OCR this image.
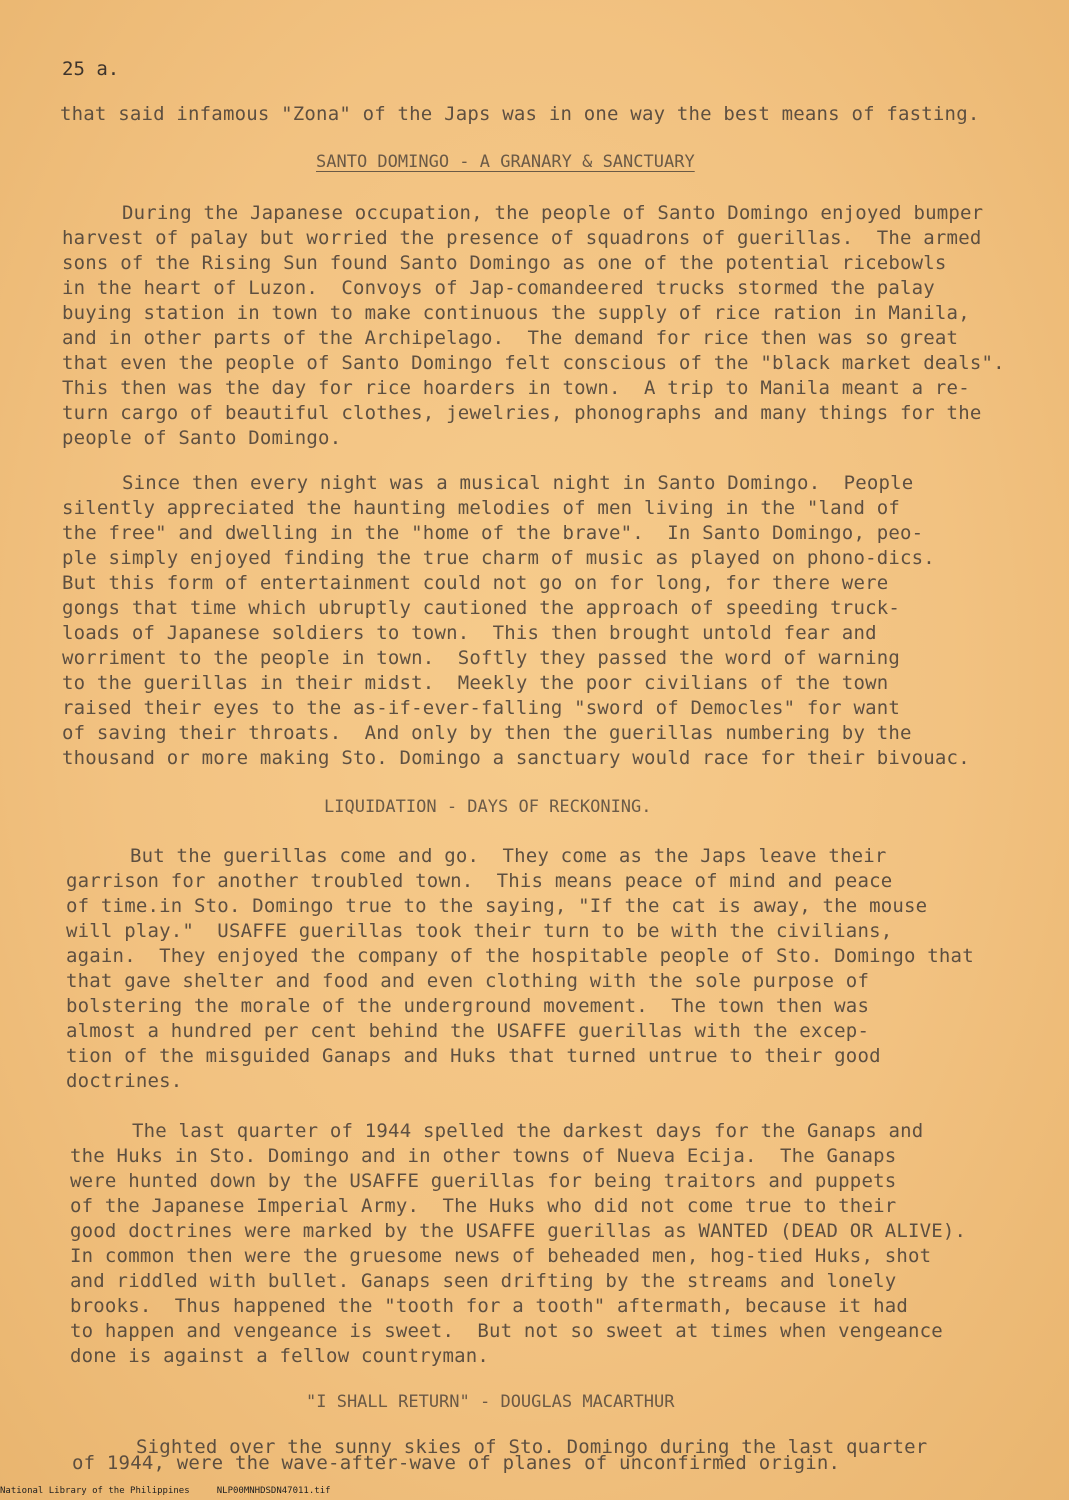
25 a.
that said infamous "Zona" of the Japs was in one way the best means of fasting.
SANTO DOMINGO - A GRANARY & SANCTUARY
During the Japanese occupation, the people of Santo Domingo enjoyed bumper
harvest of palay but worried the presence of squadrons of guerillas.  The armed
sons of the Rising Sun found Santo Domingo as one of the potential ricebowls
in the heart of Luzon.  Convoys of Jap-comandeered trucks stormed the palay
buying station in town to make continuous the supply of rice ration in Manila,
and in other parts of the Archipelago.  The demand for rice then was so great
that even the people of Santo Domingo felt conscious of the "black market deals".
This then was the day for rice hoarders in town.  A trip to Manila meant a re-
turn cargo of beautiful clothes, jewelries, phonographs and many things for the
people of Santo Domingo.
Since then every night was a musical night in Santo Domingo.  People
silently appreciated the haunting melodies of men living in the "land of
the free" and dwelling in the "home of the brave".  In Santo Domingo, peo-
ple simply enjoyed finding the true charm of music as played on phono-dics.
But this form of entertainment could not go on for long, for there were
gongs that time which ubruptly cautioned the approach of speeding truck-
loads of Japanese soldiers to town.  This then brought untold fear and
worriment to the people in town.  Softly they passed the word of warning
to the guerillas in their midst.  Meekly the poor civilians of the town
raised their eyes to the as-if-ever-falling "sword of Democles" for want
of saving their throats.  And only by then the guerillas numbering by the
thousand or more making Sto. Domingo a sanctuary would race for their bivouac.
LIQUIDATION - DAYS OF RECKONING.
But the guerillas come and go.  They come as the Japs leave their
garrison for another troubled town.  This means peace of mind and peace
of time.in Sto. Domingo true to the saying, "If the cat is away, the mouse
will play."  USAFFE guerillas took their turn to be with the civilians,
again.  They enjoyed the company of the hospitable people of Sto. Domingo that
that gave shelter and food and even clothing with the sole purpose of
bolstering the morale of the underground movement.  The town then was
almost a hundred per cent behind the USAFFE guerillas with the excep-
tion of the misguided Ganaps and Huks that turned untrue to their good
doctrines.
The last quarter of 1944 spelled the darkest days for the Ganaps and
the Huks in Sto. Domingo and in other towns of Nueva Ecija.  The Ganaps
were hunted down by the USAFFE guerillas for being traitors and puppets
of the Japanese Imperial Army.  The Huks who did not come true to their
good doctrines were marked by the USAFFE guerillas as WANTED (DEAD OR ALIVE).
In common then were the gruesome news of beheaded men, hog-tied Huks, shot
and riddled with bullet. Ganaps seen drifting by the streams and lonely
brooks.  Thus happened the "tooth for a tooth" aftermath, because it had
to happen and vengeance is sweet.  But not so sweet at times when vengeance
done is against a fellow countryman.
"I SHALL RETURN" - DOUGLAS MACARTHUR
Sighted over the sunny skies of Sto. Domingo during the last quarter
of 1944, were the wave-after-wave of planes of unconfirmed origin.
National Library of the Philippines     NLP00MNHDSDN47011.tif
